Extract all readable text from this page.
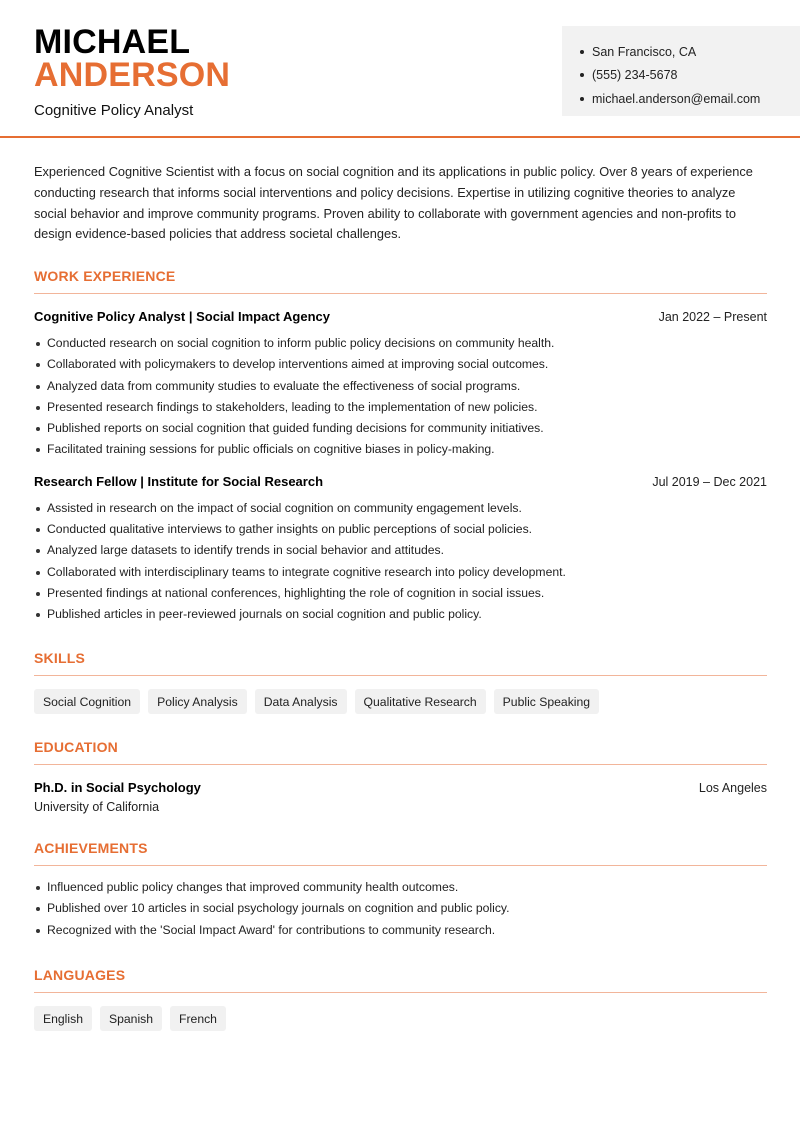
MICHAEL
ANDERSON
Cognitive Policy Analyst
San Francisco, CA
(555) 234-5678
michael.anderson@email.com
Experienced Cognitive Scientist with a focus on social cognition and its applications in public policy. Over 8 years of experience conducting research that informs social interventions and policy decisions. Expertise in utilizing cognitive theories to analyze social behavior and improve community programs. Proven ability to collaborate with government agencies and non-profits to design evidence-based policies that address societal challenges.
WORK EXPERIENCE
Cognitive Policy Analyst | Social Impact Agency	Jan 2022 – Present
Conducted research on social cognition to inform public policy decisions on community health.
Collaborated with policymakers to develop interventions aimed at improving social outcomes.
Analyzed data from community studies to evaluate the effectiveness of social programs.
Presented research findings to stakeholders, leading to the implementation of new policies.
Published reports on social cognition that guided funding decisions for community initiatives.
Facilitated training sessions for public officials on cognitive biases in policy-making.
Research Fellow | Institute for Social Research	Jul 2019 – Dec 2021
Assisted in research on the impact of social cognition on community engagement levels.
Conducted qualitative interviews to gather insights on public perceptions of social policies.
Analyzed large datasets to identify trends in social behavior and attitudes.
Collaborated with interdisciplinary teams to integrate cognitive research into policy development.
Presented findings at national conferences, highlighting the role of cognition in social issues.
Published articles in peer-reviewed journals on social cognition and public policy.
SKILLS
Social Cognition	Policy Analysis	Data Analysis	Qualitative Research	Public Speaking
EDUCATION
Ph.D. in Social Psychology	Los Angeles
University of California
ACHIEVEMENTS
Influenced public policy changes that improved community health outcomes.
Published over 10 articles in social psychology journals on cognition and public policy.
Recognized with the 'Social Impact Award' for contributions to community research.
LANGUAGES
English	Spanish	French
